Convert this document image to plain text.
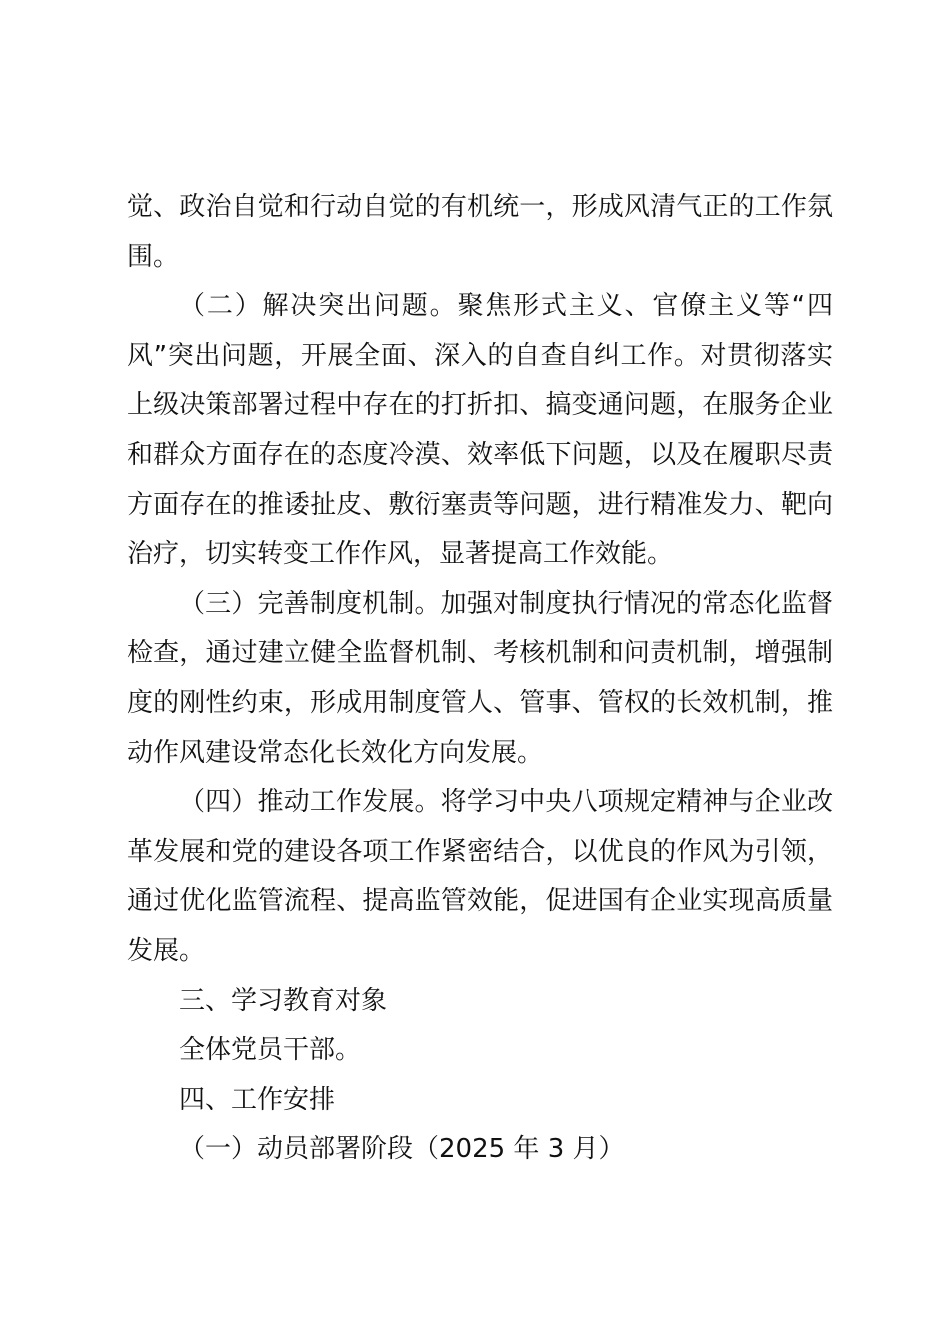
觉、政治自觉和行动自觉的有机统一，形成风清气正的工作氛
围。
（二）解决突出问题。聚焦形式主义、官僚主义等“四
风”突出问题，开展全面、深入的自查自纠工作。对贯彻落实
上级决策部署过程中存在的打折扣、搞变通问题，在服务企业
和群众方面存在的态度冷漠、效率低下问题，以及在履职尽责
方面存在的推诿扯皮、敷衍塞责等问题，进行精准发力、靶向
治疗，切实转变工作作风，显著提高工作效能。
（三）完善制度机制。加强对制度执行情况的常态化监督
检查，通过建立健全监督机制、考核机制和问责机制，增强制
度的刚性约束，形成用制度管人、管事、管权的长效机制，推
动作风建设常态化长效化方向发展。
（四）推动工作发展。将学习中央八项规定精神与企业改
革发展和党的建设各项工作紧密结合，以优良的作风为引领，
通过优化监管流程、提高监管效能，促进国有企业实现高质量
发展。
三、学习教育对象
全体党员干部。
四、工作安排
（一）动员部署阶段（2025 年 3 月）
